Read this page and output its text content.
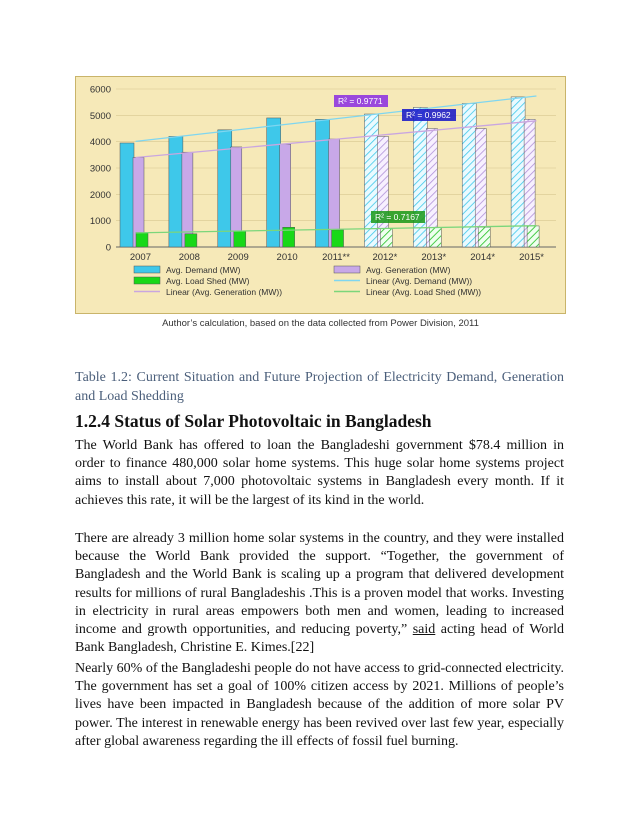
0
1000
2000
3000
4000
5000
6000
2007	2008	2009	2010	2011** 2012*	2013*	2014*	2015*
R² = 0.9771
R² = 0.9962
R² = 0.7167
Avg. Demand (MW)	Avg. Generation (MW)
Avg. Load Shed (MW)	Linear (Avg. Demand (MW))
Linear (Avg. Generation (MW))	Linear (Avg. Load Shed (MW))
Author’s calculation, based on the data collected from Power Division, 2011
Table 1.2: Current Situation and Future Projection of Electricity Demand, Generation and Load Shedding
1.2.4 Status of Solar Photovoltaic in Bangladesh

The World Bank has offered to loan the Bangladeshi government $78.4 million in order to finance 480,000 solar home systems. This huge solar home systems project aims to install about 7,000 photovoltaic systems in Bangladesh every month. If it achieves this rate, it will be the largest of its kind in the world.

There are already 3 million home solar systems in the country, and they were installed because the World Bank provided the support. “Together, the government of Bangladesh and the World Bank is scaling up a program that delivered development results for millions of rural Bangladeshis .This is a proven model that works. Investing in electricity in rural areas empowers both men and women, leading to increased income and growth opportunities, and reducing poverty,” said acting head of World Bank Bangladesh, Christine E. Kimes.[22]

Nearly 60% of the Bangladeshi people do not have access to grid-connected electricity. The government has set a goal of 100% citizen access by 2021. Millions of people’s lives have been impacted in Bangladesh because of the addition of more solar PV power. The interest in renewable energy has been revived over last few year, especially after global awareness regarding the ill effects of fossil fuel burning.
